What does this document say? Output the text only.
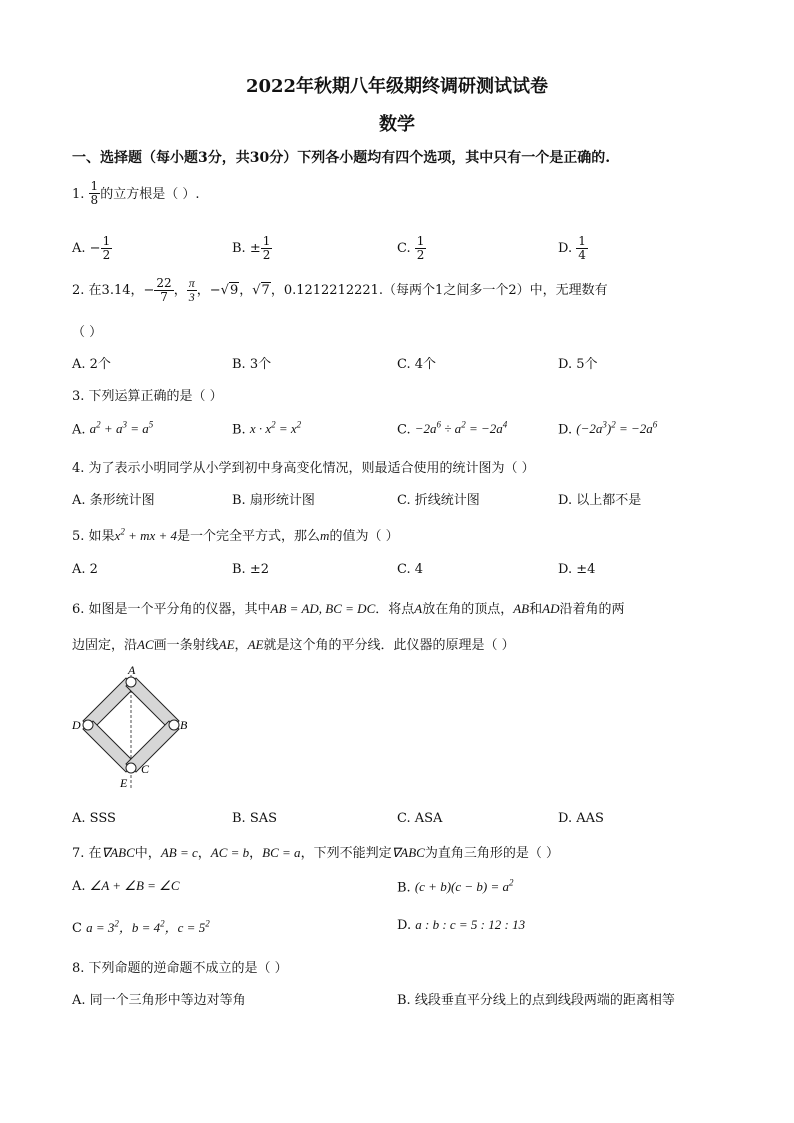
2022年秋期八年级期终调研测试试卷
数学
一、选择题（每小题3分，共30分）下列各小题均有四个选项，其中只有一个是正确的.
1. $\frac{1}{8}$ 的立方根是（ ）.
A. − $\frac{1}{2}$	B. ± $\frac{1}{2}$	C. $\frac{1}{2}$	D. $\frac{1}{4}$
2. 在3.14，− $\frac{22}{7}$ ， $\frac{\pi}{3}$ ，−√9，√7，0.1212212221.（每两个1之间多一个2）中，无理数有
（ ）
A. 2个	B. 3个	C. 4个	D. 5个
3. 下列运算正确的是（ ）
A. $a^2 + a^3 = a^5$	B. $x \cdot x^2 = x^2$	C. $-2a^6 \div a^2 = -2a^4$	D. $(-2a^3)^2 = -2a^6$
4. 为了表示小明同学从小学到初中身高变化情况，则最适合使用的统计图为（ ）
A. 条形统计图	B. 扇形统计图	C. 折线统计图	D. 以上都不是
5. 如果$x^2$ + mx + 4是一个完全平方式，那么m的值为（ ）
A. 2	B. ±2	C. 4	D. ±4
6. 如图是一个平分角的仪器，其中AB = AD, BC = DC．将点A放在角的顶点，AB和AD沿着角的两
边固定，沿AC画一条射线AE，AE就是这个角的平分线．此仪器的原理是（ ）
A
D	B
C
E
A. SSS	B. SAS	C. ASA	D. AAS
7. 在∇ABC中，AB = c，AC = b，BC = a，下列不能判定∇ABC为直角三角形的是（ ）
A. ∠A + ∠B = ∠C	B. $(c + b)(c - b) = a^2$
C $a = 3^2$，$b = 4^2$，$c = 5^2$	D. a : b : c = 5 : 12 : 13
8. 下列命题的逆命题不成立的是（ ）
A. 同一个三角形中等边对等角	B. 线段垂直平分线上的点到线段两端的距离相等
